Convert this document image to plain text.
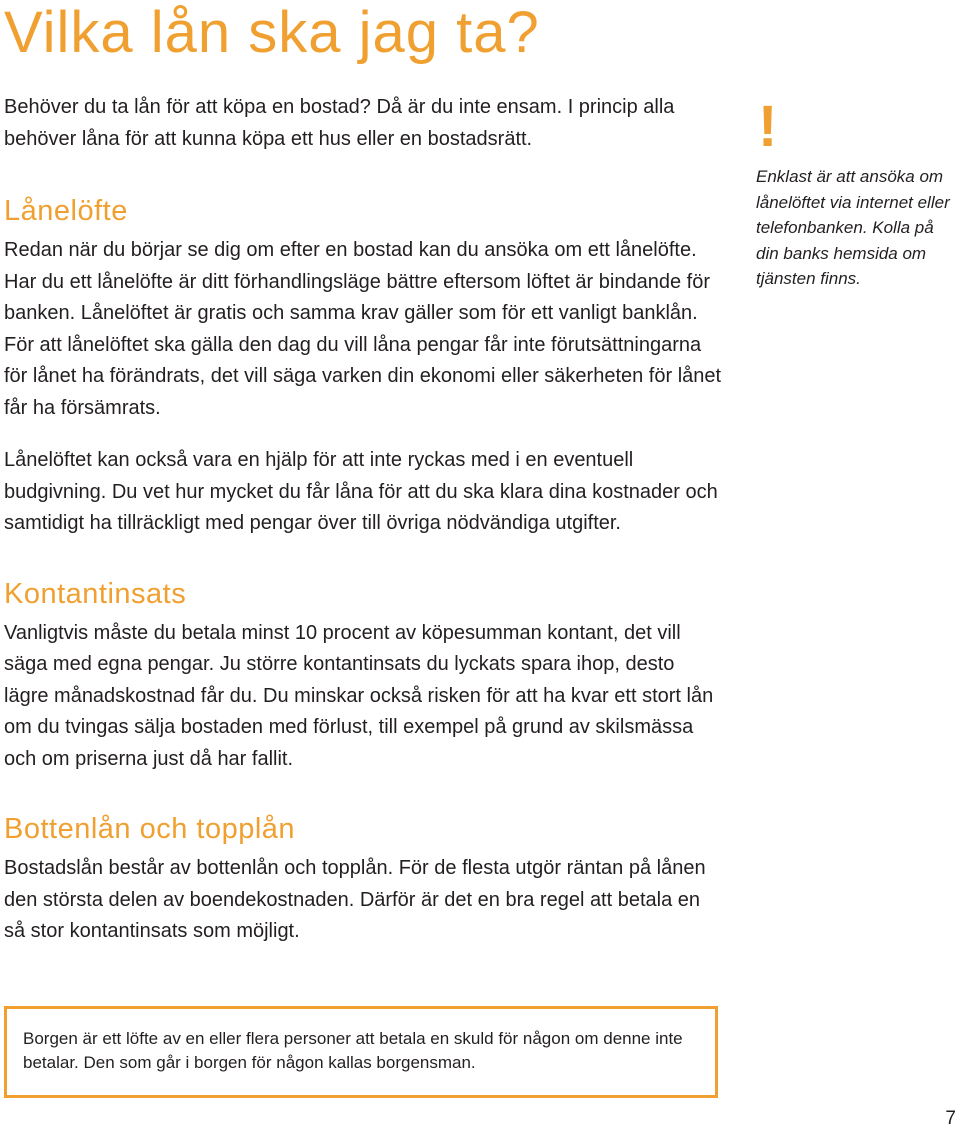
Vilka lån ska jag ta?

Behöver du ta lån för att köpa en bostad? Då är du inte ensam. I princip alla behöver låna för att kunna köpa ett hus eller en bostadsrätt.

Lånelöfte

Redan när du börjar se dig om efter en bostad kan du ansöka om ett lånelöfte. Har du ett lånelöfte är ditt förhandlingsläge bättre eftersom löftet är bindande för banken. Lånelöftet är gratis och samma krav gäller som för ett vanligt banklån. För att lånelöftet ska gälla den dag du vill låna pengar får inte förutsättningarna för lånet ha förändrats, det vill säga varken din ekonomi eller säkerheten för lånet får ha försämrats.

Lånelöftet kan också vara en hjälp för att inte ryckas med i en eventuell budgivning. Du vet hur mycket du får låna för att du ska klara dina kostnader och samtidigt ha tillräckligt med pengar över till övriga nödvändiga utgifter.

Kontantinsats

Vanligtvis måste du betala minst 10 procent av köpesumman kontant, det vill säga med egna pengar. Ju större kontantinsats du lyckats spara ihop, desto lägre månadskostnad får du. Du minskar också risken för att ha kvar ett stort lån om du tvingas sälja bostaden med förlust, till exempel på grund av skilsmässa och om priserna just då har fallit.

Bottenlån och topplån

Bostadslån består av bottenlån och topplån. För de flesta utgör räntan på lånen den största delen av boendekostnaden. Därför är det en bra regel att betala en så stor kontantinsats som möjligt.

!

Enklast är att ansöka om lånelöftet via internet eller telefonbanken. Kolla på din banks hemsida om tjänsten finns.

Borgen är ett löfte av en eller flera personer att betala en skuld för någon om denne inte betalar. Den som går i borgen för någon kallas borgensman.

7
